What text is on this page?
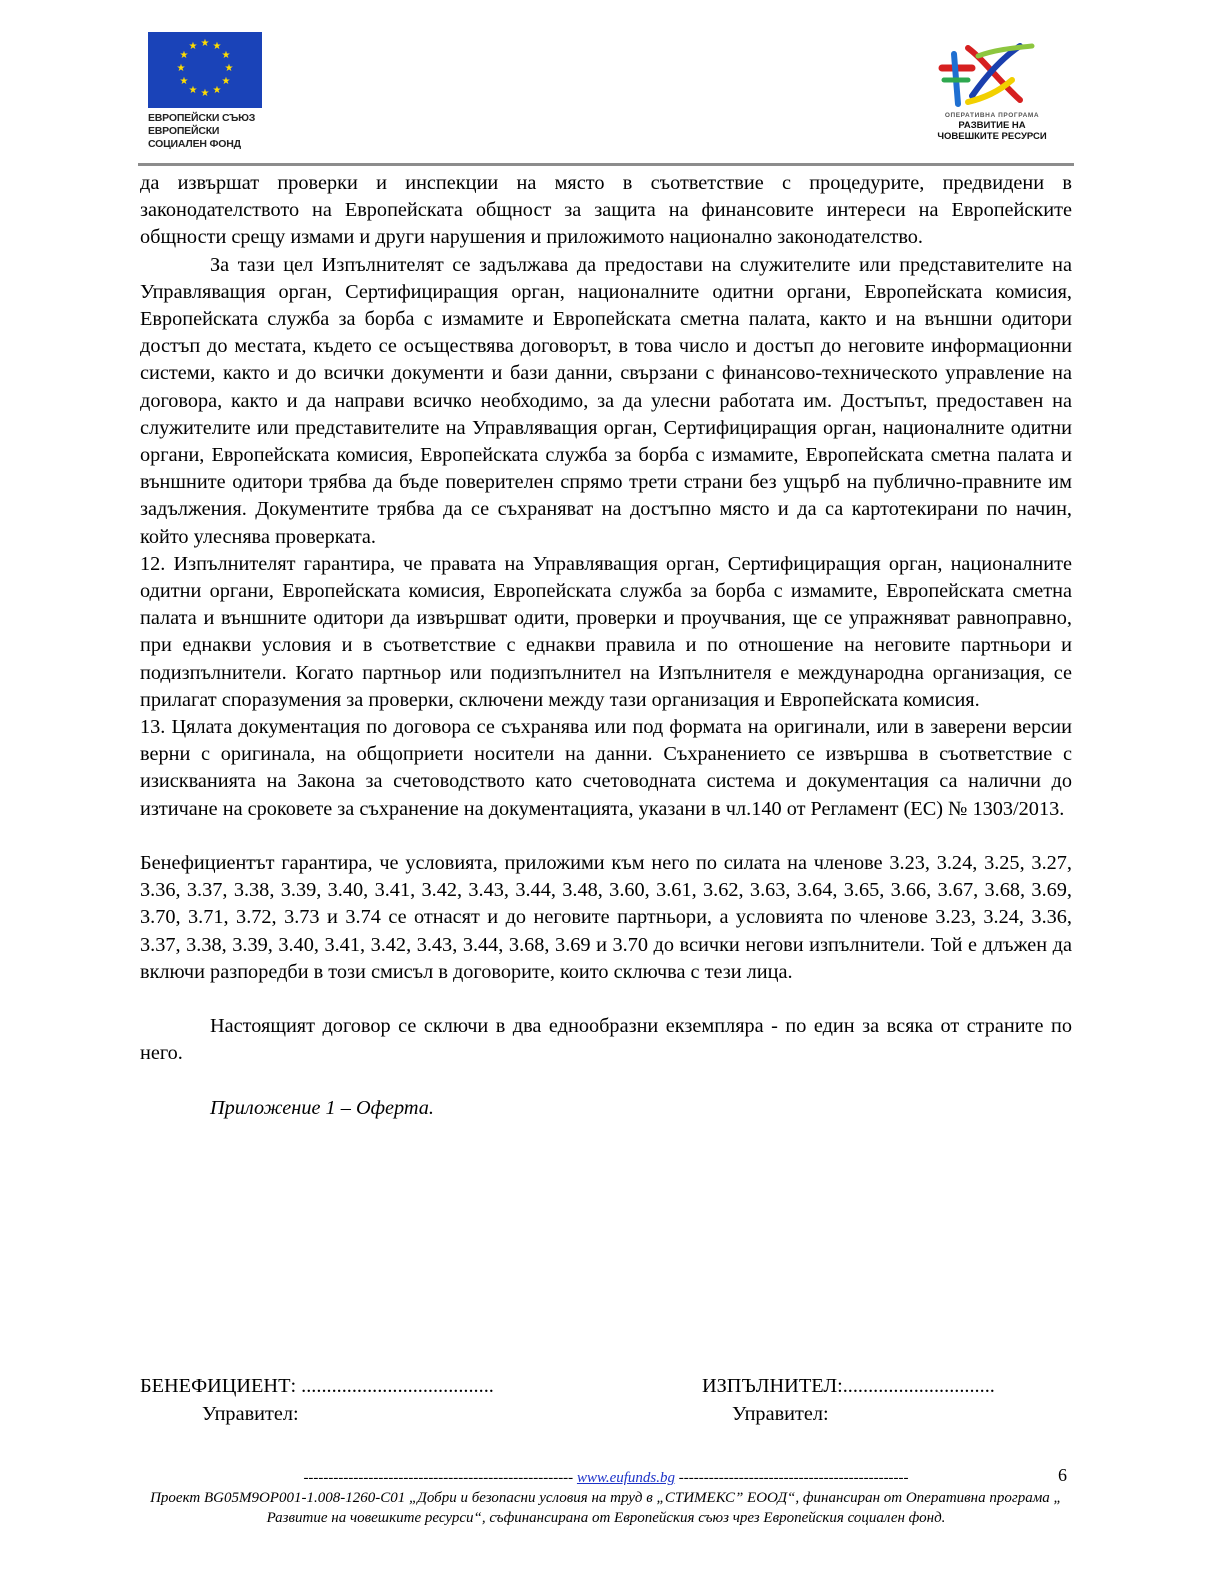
★ ★
★
★
★
★
★
★
★
★
★
★
ЕВРОПЕЙСКИ СЪЮЗ
ЕВРОПЕЙСКИ
СОЦИАЛЕН ФОНД
ОПЕРАТИВНА ПРОГРАМА
РАЗВИТИЕ НА
ЧОВЕШКИТЕ РЕСУРСИ

да извършат проверки и инспекции на място в съответствие с процедурите, предвидени в законодателството на Европейската общност за защита на финансовите интереси на Европейските общности срещу измами и други нарушения и приложимото национално законодателство.

За тази цел Изпълнителят се задължава да предостави на служителите или представителите на Управляващия орган, Сертифициращия орган, националните одитни органи, Европейската комисия, Европейската служба за борба с измамите и Европейската сметна палата, както и на външни одитори достъп до местата, където се осъществява договорът, в това число и достъп до неговите информационни системи, както и до всички документи и бази данни, свързани с финансово-техническото управление на договора, както и да направи всичко необходимо, за да улесни работата им. Достъпът, предоставен на служителите или представителите на Управляващия орган, Сертифициращия орган, националните одитни органи, Европейската комисия, Европейската служба за борба с измамите, Европейската сметна палата и външните одитори трябва да бъде поверителен спрямо трети страни без ущърб на публично-правните им задължения. Документите трябва да се съхраняват на достъпно място и да са картотекирани по начин, който улеснява проверката.

12. Изпълнителят гарантира, че правата на Управляващия орган, Сертифициращия орган, националните одитни органи, Европейската комисия, Европейската служба за борба с измамите, Европейската сметна палата и външните одитори да извършват одити, проверки и проучвания, ще се упражняват равноправно, при еднакви условия и в съответствие с еднакви правила и по отношение на неговите партньори и подизпълнители. Когато партньор или подизпълнител на Изпълнителя е международна организация, се прилагат споразумения за проверки, сключени между тази организация и Европейската комисия.

13. Цялата документация по договора се съхранява или под формата на оригинали, или в заверени версии верни с оригинала, на общоприети носители на данни. Съхранението се извършва в съответствие с изискванията на Закона за счетоводството като счетоводната система и документация са налични до изтичане на сроковете за съхранение на документацията, указани в чл.140 от Регламент (ЕС) № 1303/2013.

Бенефициентът гарантира, че условията, приложими към него по силата на членове 3.23, 3.24, 3.25, 3.27, 3.36, 3.37, 3.38, 3.39, 3.40, 3.41, 3.42, 3.43, 3.44, 3.48, 3.60, 3.61, 3.62, 3.63, 3.64, 3.65, 3.66, 3.67, 3.68, 3.69, 3.70, 3.71, 3.72, 3.73 и 3.74 се отнасят и до неговите партньори, а условията по членове 3.23, 3.24, 3.36, 3.37, 3.38, 3.39, 3.40, 3.41, 3.42, 3.43, 3.44, 3.68, 3.69 и 3.70 до всички негови изпълнители. Той е длъжен да включи разпоредби в този смисъл в договорите, които сключва с тези лица.

Настоящият договор се сключи в два еднообразни екземпляра - по един за всяка от страните по него.

Приложение 1 – Оферта.

БЕНЕФИЦИЕНТ: ......................................
Управител:
ИЗПЪЛНИТЕЛ:..............................
Управител:
------------------------------------------------------ www.eufunds.bg ----------------------------------------------
Проект BG05M9OP001-1.008-1260-C01 „Добри и безопасни условия на труд в „СТИМЕКС” ЕООД“, финансиран от Оперативна програма „ Развитие на човешките ресурси“, съфинансирана от Европейския съюз чрез Европейския социален фонд.
6
